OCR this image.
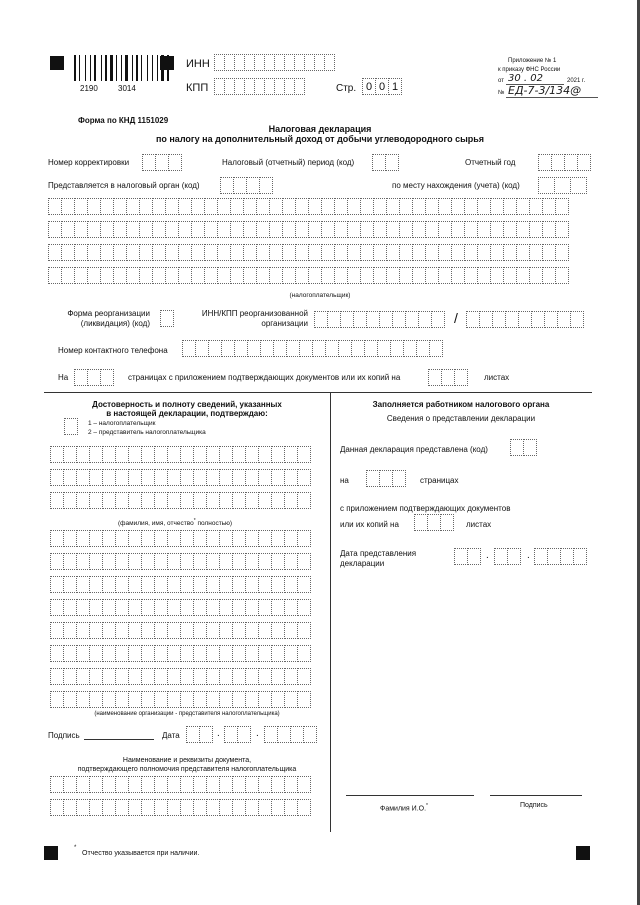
2190	3014
ИНН
КПП	Стр. 0 0 1
Приложение № 1
к приказу ФНС России
от 30 . 02	2021 г.
№ ЕД-7-3/134@
Форма по КНД 1151029
Налоговая декларация
по налогу на дополнительный доход от добычи углеводородного сырья
Номер корректировки	Налоговый (отчетный) период (код)	Отчетный год
Представляется в налоговый орган (код)	по месту нахождения (учета) (код)
(налогоплательщик)
Форма реорганизации
(ликвидация) (код)
ИНН/КПП реорганизованной
организации	/
Номер контактного телефона
На	страницах с приложением подтверждающих документов или их копий на	листах
Достоверность и полноту сведений, указанных
в настоящей декларации, подтверждаю:
1 – налогоплательщик
2 – представитель налогоплательщика
(фамилия, имя, отчество* полностью)
(наименование организации - представителя налогоплательщика)
Подпись	Дата	.	.
Наименование и реквизиты документа,
подтверждающего полномочия представителя налогоплательщика
Заполняется работником налогового органа
Сведения о представлении декларации
Данная декларация представлена (код)
на	страницах
с приложением подтверждающих документов
или их копий на	листах
Дата представления
декларации
.	.
Фамилия И.О.*	Подпись
*
Отчество указывается при наличии.
